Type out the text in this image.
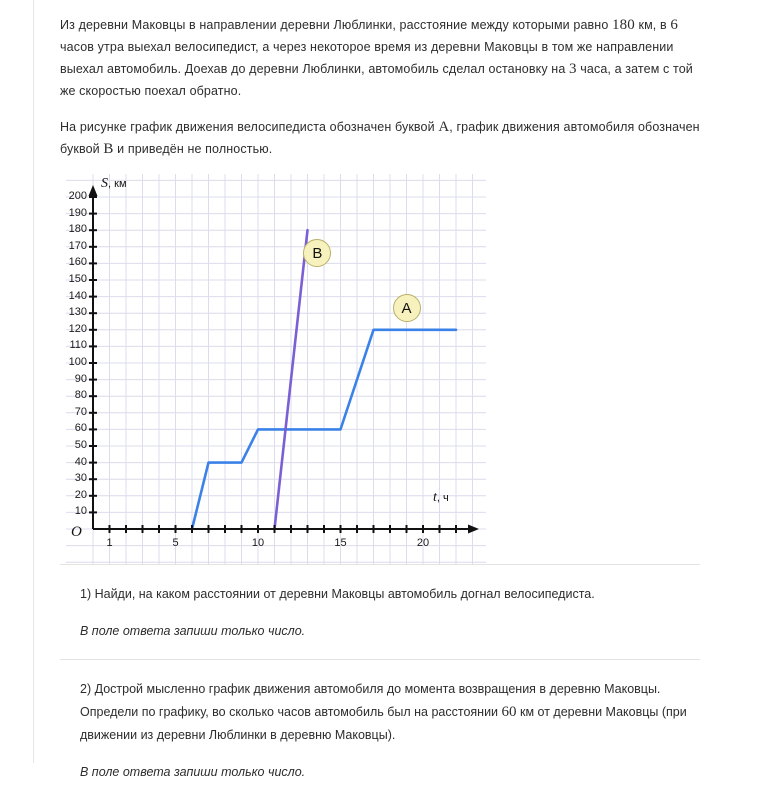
Из деревни Маковцы в направлении деревни Люблинки, расстояние между которыми равно 180 км, в 6 часов утра выехал велосипедист, а через некоторое время из деревни Маковцы в том же направлении выехал автомобиль. Доехав до деревни Люблинки, автомобиль сделал остановку на 3 часа, а затем с той же скоростью поехал обратно.

На рисунке график движения велосипедиста обозначен буквой A, график движения автомобиля обозначен буквой B и приведён не полностью.

S, км
t, ч
O
10
20
30
40
50
60
70
80
90
100
110
120
130
140
150
160
170
180
190
200
1	5	10	15	20
B
A

1) Найди, на каком расстоянии от деревни Маковцы автомобиль догнал велосипедиста.

В поле ответа запиши только число.

2) Дострой мысленно график движения автомобиля до момента возвращения в деревню Маковцы. Определи по графику, во сколько часов автомобиль был на расстоянии 60 км от деревни Маковцы (при движении из деревни Люблинки в деревню Маковцы).

В поле ответа запиши только число.
